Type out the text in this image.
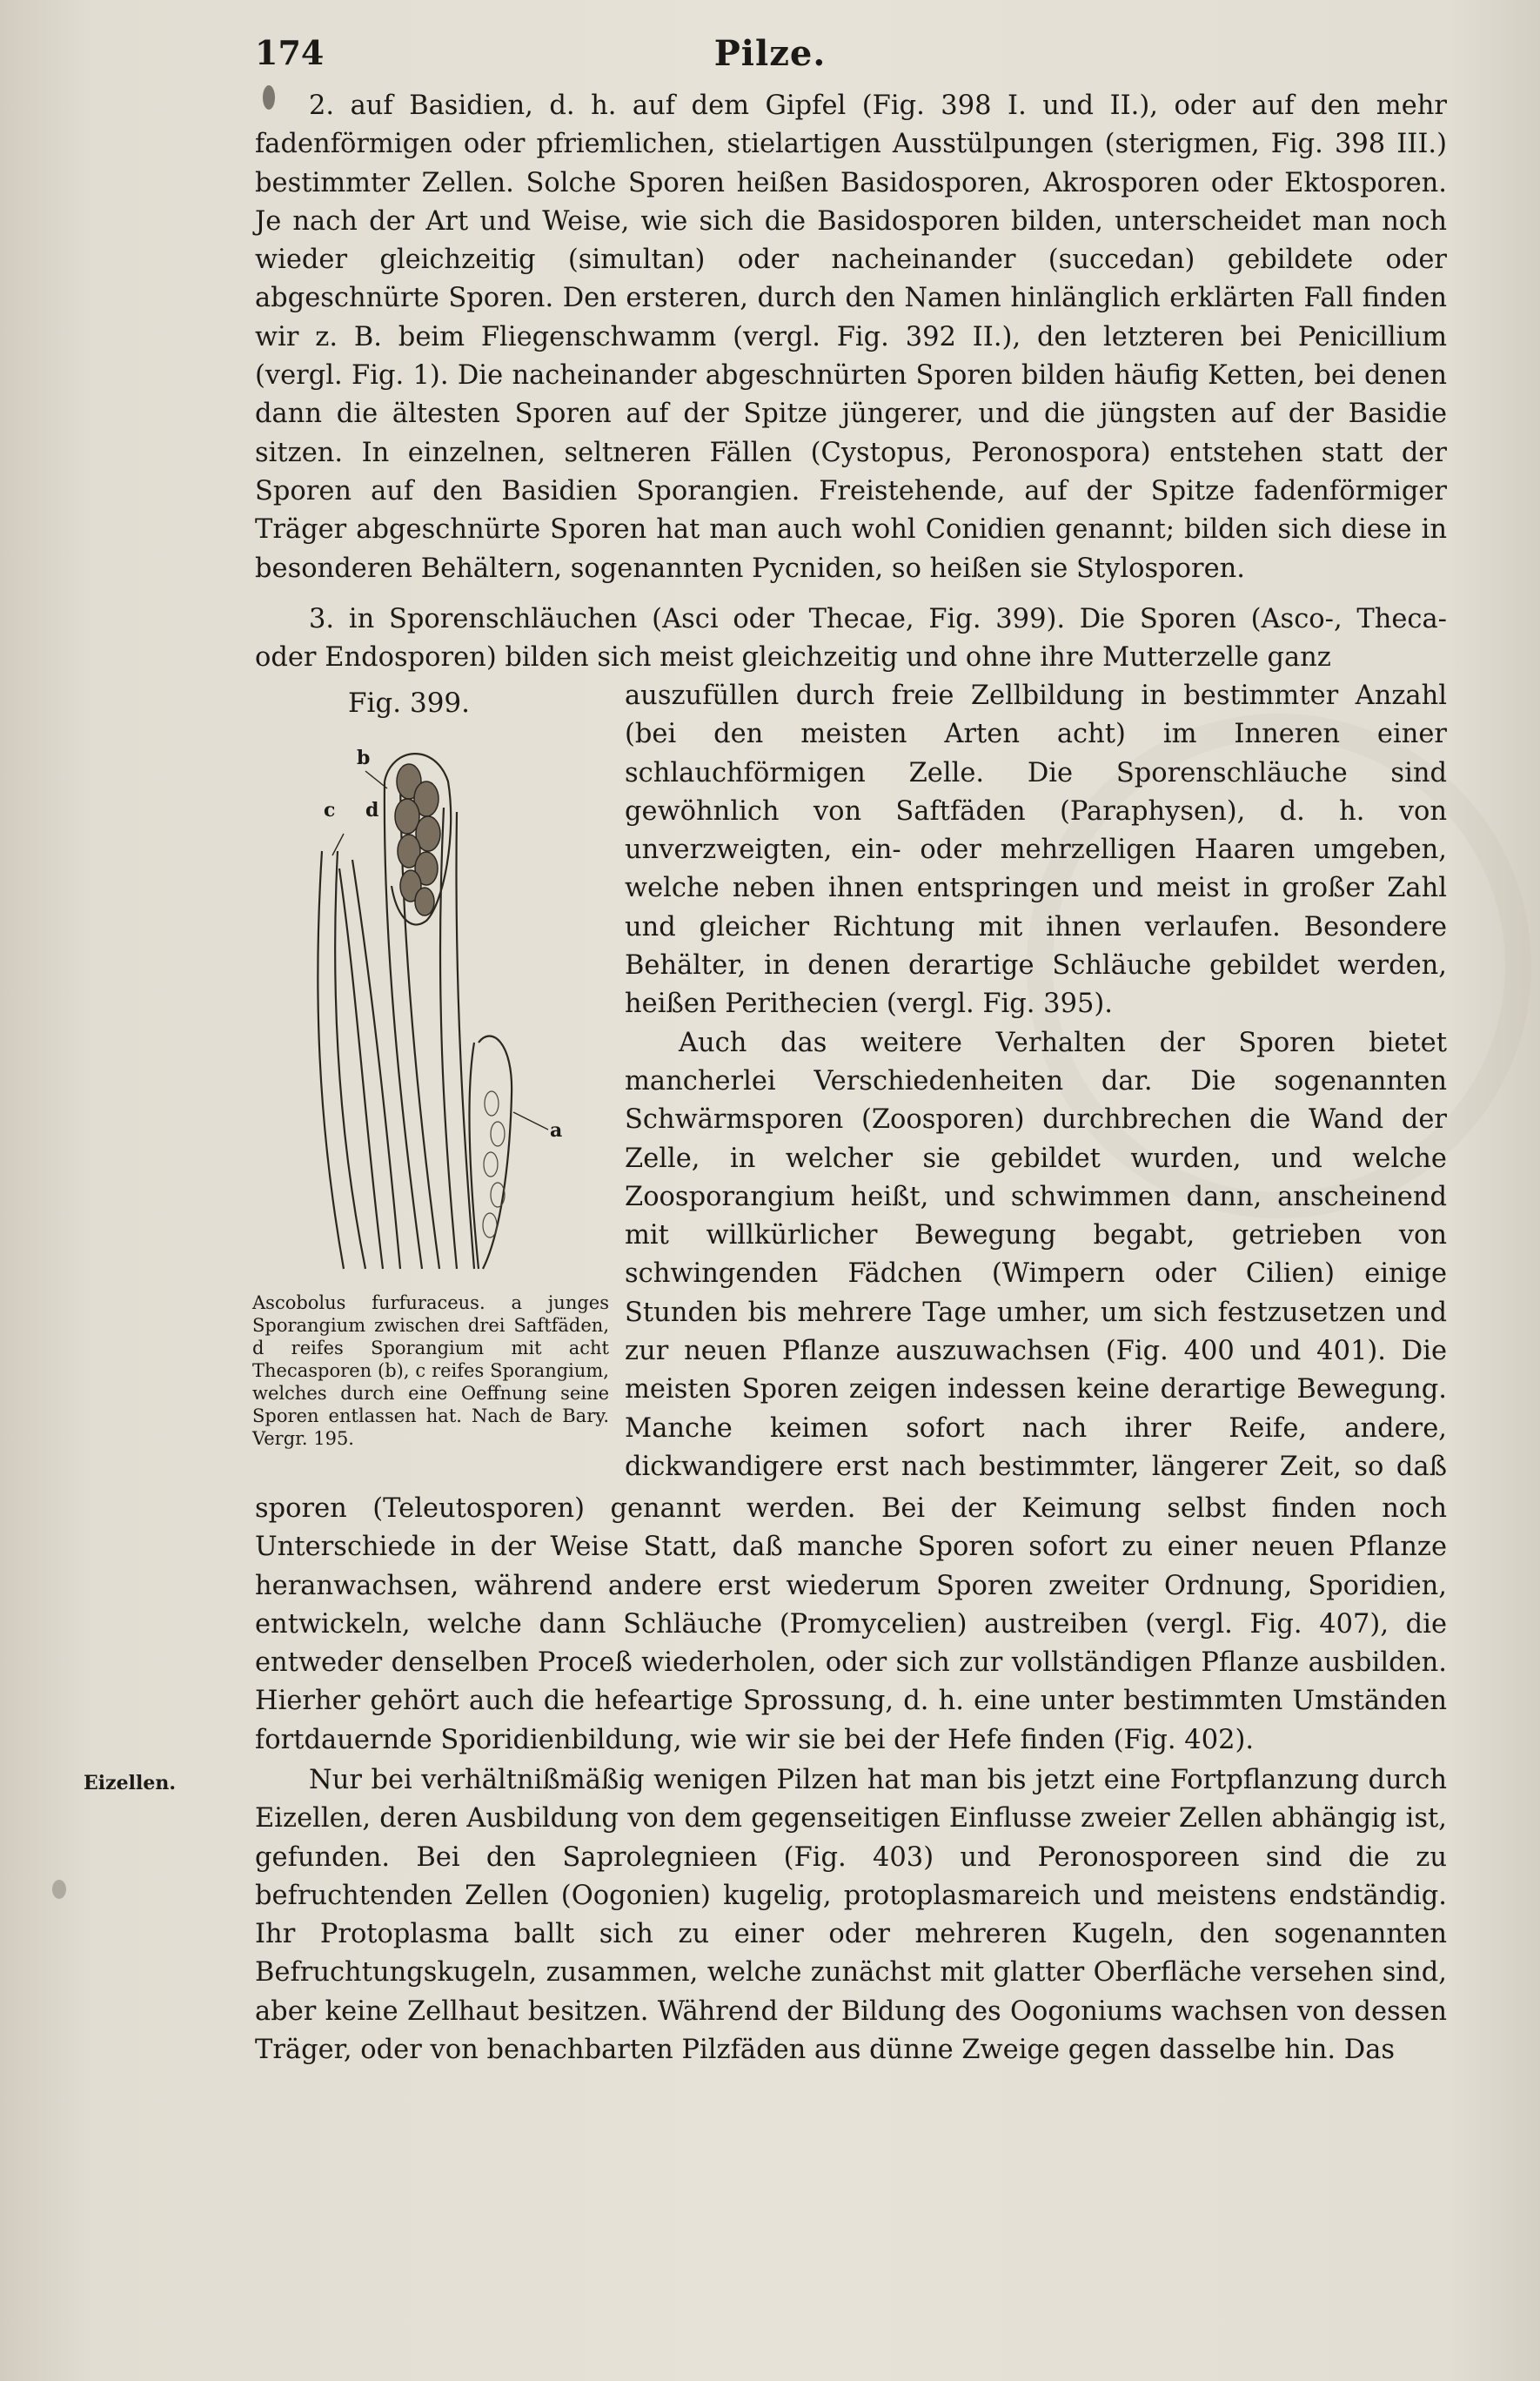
Pilze.
174

2. auf Basidien, d. h. auf dem Gipfel (Fig. 398 I. und II.), oder auf den mehr fadenförmigen oder pfriemlichen, stielartigen Ausstülpungen (sterigmen, Fig. 398 III.) bestimmter Zellen. Solche Sporen heißen Basidosporen, Akrosporen oder Ektosporen. Je nach der Art und Weise, wie sich die Basidosporen bilden, unterscheidet man noch wieder gleichzeitig (simultan) oder nacheinander (succedan) gebildete oder abgeschnürte Sporen. Den ersteren, durch den Namen hinlänglich erklärten Fall finden wir z. B. beim Fliegenschwamm (vergl. Fig. 392 II.), den letzteren bei Penicillium (vergl. Fig. 1). Die nacheinander abgeschnürten Sporen bilden häufig Ketten, bei denen dann die ältesten Sporen auf der Spitze jüngerer, und die jüngsten auf der Basidie sitzen. In einzelnen, seltneren Fällen (Cystopus, Peronospora) entstehen statt der Sporen auf den Basidien Sporangien. Freistehende, auf der Spitze fadenförmiger Träger abgeschnürte Sporen hat man auch wohl Conidien genannt; bilden sich diese in besonderen Behältern, sogenannten Pycniden, so heißen sie Stylosporen.

3. in Sporenschläuchen (Asci oder Thecae, Fig. 399). Die Sporen (Asco-, Theca- oder Endosporen) bilden sich meist gleichzeitig und ohne ihre Mutterzelle ganz

Fig. 399.
c
b
d
a
Ascobolus furfuraceus. a junges Sporangium zwischen drei Saftfäden, d reifes Sporangium mit acht Thecasporen (b), c reifes Sporangium, welches durch eine Oeffnung seine Sporen entlassen hat. Nach de Bary. Vergr. 195.

auszufüllen durch freie Zellbildung in bestimmter Anzahl (bei den meisten Arten acht) im Inneren einer schlauchförmigen Zelle. Die Sporenschläuche sind gewöhnlich von Saftfäden (Paraphysen), d. h. von unverzweigten, ein- oder mehrzelligen Haaren umgeben, welche neben ihnen entspringen und meist in großer Zahl und gleicher Richtung mit ihnen verlaufen. Besondere Behälter, in denen derartige Schläuche gebildet werden, heißen Perithecien (vergl. Fig. 395).

Auch das weitere Verhalten der Sporen bietet mancherlei Verschiedenheiten dar. Die sogenannten Schwärmsporen (Zoosporen) durchbrechen die Wand der Zelle, in welcher sie gebildet wurden, und welche Zoosporangium heißt, und schwimmen dann, anscheinend mit willkürlicher Bewegung begabt, getrieben von schwingenden Fädchen (Wimpern oder Cilien) einige Stunden bis mehrere Tage umher, um sich festzusetzen und zur neuen Pflanze auszuwachsen (Fig. 400 und 401). Die meisten Sporen zeigen indessen keine derartige Bewegung. Manche keimen sofort nach ihrer Reife, andere, dickwandigere erst nach bestimmter, längerer Zeit, so daß

sporen (Teleutosporen) genannt werden. Bei der Keimung selbst finden noch Unterschiede in der Weise Statt, daß manche Sporen sofort zu einer neuen Pflanze heranwachsen, während andere erst wiederum Sporen zweiter Ordnung, Sporidien, entwickeln, welche dann Schläuche (Promycelien) austreiben (vergl. Fig. 407), die entweder denselben Proceß wiederholen, oder sich zur vollständigen Pflanze ausbilden. Hierher gehört auch die hefeartige Sprossung, d. h. eine unter bestimmten Umständen fortdauernde Sporidienbildung, wie wir sie bei der Hefe finden (Fig. 402).

Eizellen.	Nur bei verhältnißmäßig wenigen Pilzen hat man bis jetzt eine Fortpflanzung durch Eizellen, deren Ausbildung von dem gegenseitigen Einflusse zweier Zellen abhängig ist, gefunden. Bei den Saprolegnieen (Fig. 403) und Peronosporeen sind die zu befruchtenden Zellen (Oogonien) kugelig, protoplasmareich und meistens endständig. Ihr Protoplasma ballt sich zu einer oder mehreren Kugeln, den sogenannten Befruchtungskugeln, zusammen, welche zunächst mit glatter Oberfläche versehen sind, aber keine Zellhaut besitzen. Während der Bildung des Oogoniums wachsen von dessen Träger, oder von benachbarten Pilzfäden aus dünne Zweige gegen dasselbe hin. Das
